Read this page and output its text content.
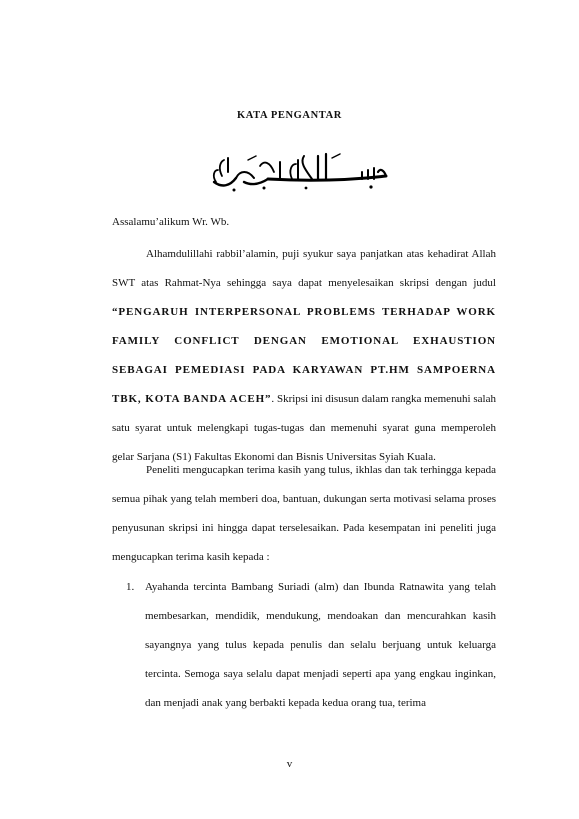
KATA PENGANTAR
Assalamu’alikum Wr. Wb.

Alhamdulillahi rabbil’alamin, puji syukur saya panjatkan atas kehadirat Allah SWT atas Rahmat-Nya sehingga saya dapat menyelesaikan skripsi dengan judul “PENGARUH INTERPERSONAL PROBLEMS TERHADAP WORK FAMILY CONFLICT DENGAN EMOTIONAL EXHAUSTION SEBAGAI PEMEDIASI PADA KARYAWAN PT.HM SAMPOERNA TBK, KOTA BANDA ACEH”. Skripsi ini disusun dalam rangka memenuhi salah satu syarat untuk melengkapi tugas-tugas dan memenuhi syarat guna memperoleh gelar Sarjana (S1) Fakultas Ekonomi dan Bisnis Universitas Syiah Kuala.

Peneliti mengucapkan terima kasih yang tulus, ikhlas dan tak terhingga kepada semua pihak yang telah memberi doa, bantuan, dukungan serta motivasi selama proses penyusunan skripsi ini hingga dapat terselesaikan. Pada kesempatan ini peneliti juga mengucapkan terima kasih kepada :

1. Ayahanda tercinta Bambang Suriadi (alm) dan Ibunda Ratnawita yang telah membesarkan, mendidik, mendukung, mendoakan dan mencurahkan kasih sayangnya yang tulus kepada penulis dan selalu berjuang untuk keluarga tercinta. Semoga saya selalu dapat menjadi seperti apa yang engkau inginkan, dan menjadi anak yang berbakti kepada kedua orang tua, terima
v
